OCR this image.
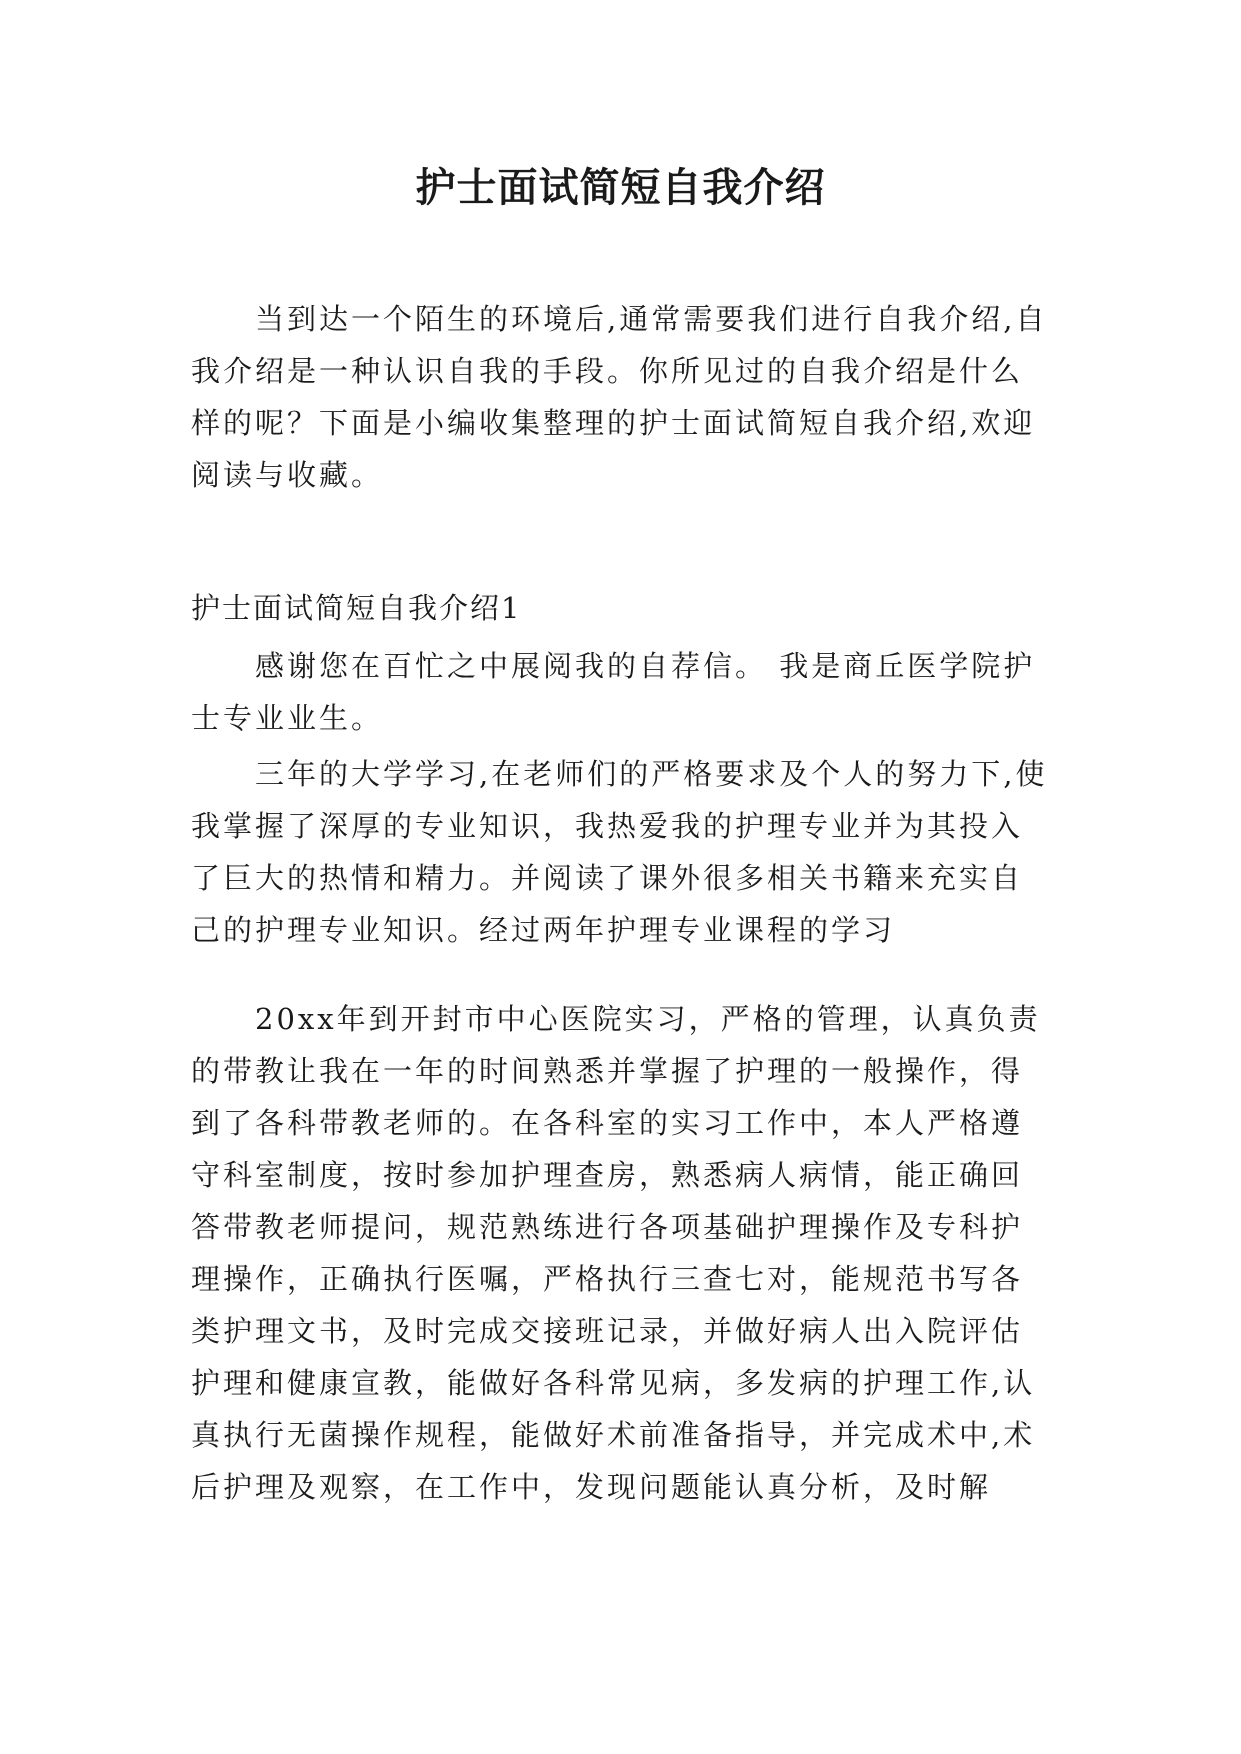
护士面试简短自我介绍

当到达一个陌生的环境后,通常需要我们进行自我介绍,自我介绍是一种认识自我的手段。你所见过的自我介绍是什么样的呢？下面是小编收集整理的护士面试简短自我介绍,欢迎阅读与收藏。

护士面试简短自我介绍1

感谢您在百忙之中展阅我的自荐信。 我是商丘医学院护士专业业生。

三年的大学学习,在老师们的严格要求及个人的努力下,使我掌握了深厚的专业知识，我热爱我的护理专业并为其投入了巨大的热情和精力。并阅读了课外很多相关书籍来充实自己的护理专业知识。经过两年护理专业课程的学习

20xx年到开封市中心医院实习，严格的管理，认真负责的带教让我在一年的时间熟悉并掌握了护理的一般操作，得到了各科带教老师的。在各科室的实习工作中，本人严格遵守科室制度，按时参加护理查房，熟悉病人病情，能正确回答带教老师提问，规范熟练进行各项基础护理操作及专科护理操作，正确执行医嘱，严格执行三查七对，能规范书写各类护理文书，及时完成交接班记录，并做好病人出入院评估护理和健康宣教，能做好各科常见病，多发病的护理工作,认真执行无菌操作规程，能做好术前准备指导，并完成术中,术后护理及观察，在工作中，发现问题能认真分析，及时解
